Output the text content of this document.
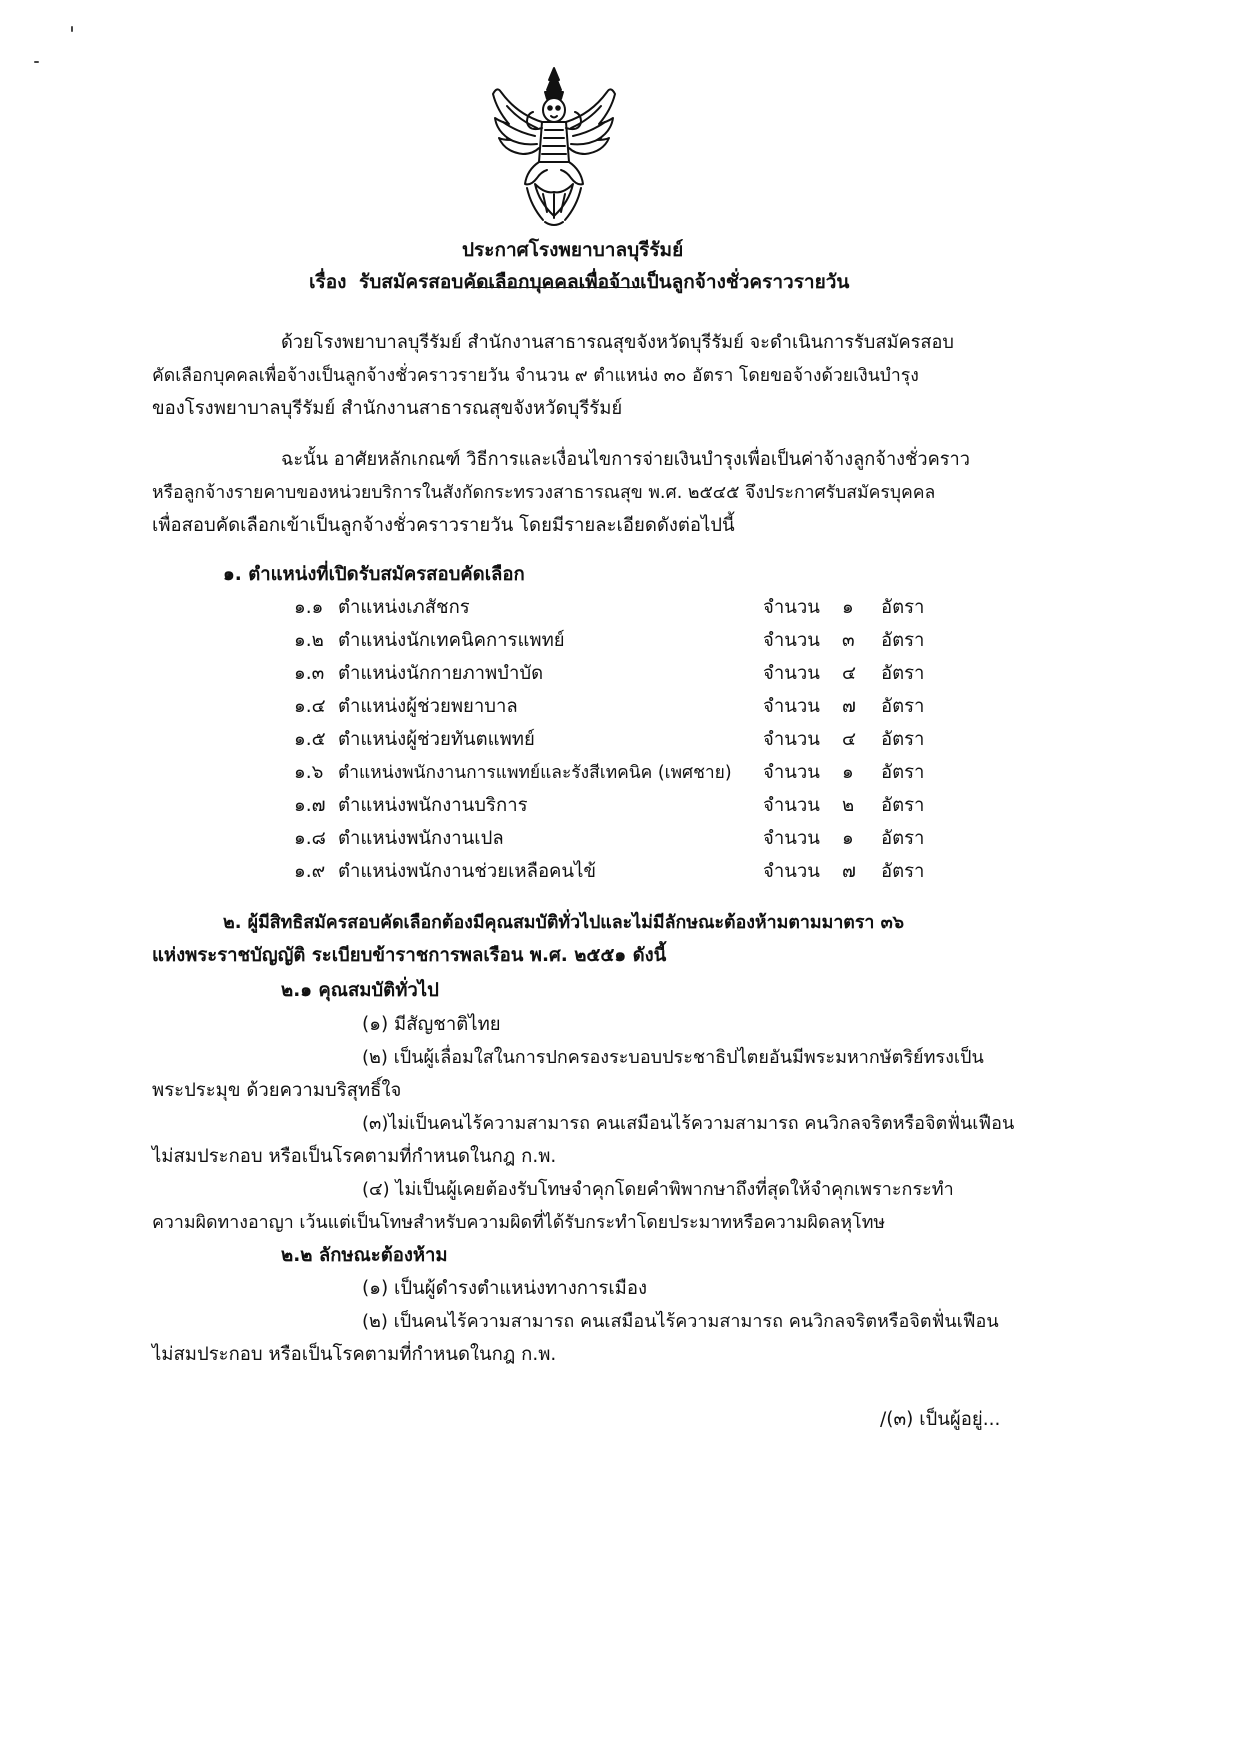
ประกาศโรงพยาบาลบุรีรัมย์
เรื่อง รับสมัครสอบคัดเลือกบุคคลเพื่อจ้างเป็นลูกจ้างชั่วคราวรายวัน
ด้วยโรงพยาบาลบุรีรัมย์ สำนักงานสาธารณสุขจังหวัดบุรีรัมย์ จะดำเนินการรับสมัครสอบ
คัดเลือกบุคคลเพื่อจ้างเป็นลูกจ้างชั่วคราวรายวัน จำนวน ๙ ตำแหน่ง ๓๐ อัตรา โดยขอจ้างด้วยเงินบำรุง
ของโรงพยาบาลบุรีรัมย์ สำนักงานสาธารณสุขจังหวัดบุรีรัมย์
ฉะนั้น อาศัยหลักเกณฑ์ วิธีการและเงื่อนไขการจ่ายเงินบำรุงเพื่อเป็นค่าจ้างลูกจ้างชั่วคราว
หรือลูกจ้างรายคาบของหน่วยบริการในสังกัดกระทรวงสาธารณสุข พ.ศ. ๒๕๔๕ จึงประกาศรับสมัครบุคคล
เพื่อสอบคัดเลือกเข้าเป็นลูกจ้างชั่วคราวรายวัน โดยมีรายละเอียดดังต่อไปนี้
๑. ตำแหน่งที่เปิดรับสมัครสอบคัดเลือก
๑.๑ ตำแหน่งเภสัชกร	จำนวน ๑ อัตรา
๑.๒ ตำแหน่งนักเทคนิคการแพทย์	จำนวน ๓ อัตรา
๑.๓ ตำแหน่งนักกายภาพบำบัด	จำนวน ๔ อัตรา
๑.๔ ตำแหน่งผู้ช่วยพยาบาล	จำนวน ๗ อัตรา
๑.๕ ตำแหน่งผู้ช่วยทันตแพทย์	จำนวน ๔ อัตรา
๑.๖ ตำแหน่งพนักงานการแพทย์และรังสีเทคนิค (เพศชาย) จำนวน ๑ อัตรา
๑.๗ ตำแหน่งพนักงานบริการ	จำนวน ๒ อัตรา
๑.๘ ตำแหน่งพนักงานเปล	จำนวน ๑ อัตรา
๑.๙ ตำแหน่งพนักงานช่วยเหลือคนไข้	จำนวน ๗ อัตรา
๒. ผู้มีสิทธิสมัครสอบคัดเลือกต้องมีคุณสมบัติทั่วไปและไม่มีลักษณะต้องห้ามตามมาตรา ๓๖
แห่งพระราชบัญญัติ ระเบียบข้าราชการพลเรือน พ.ศ. ๒๕๕๑ ดังนี้
๒.๑ คุณสมบัติทั่วไป
(๑) มีสัญชาติไทย
(๒) เป็นผู้เลื่อมใสในการปกครองระบอบประชาธิปไตยอันมีพระมหากษัตริย์ทรงเป็น
พระประมุข ด้วยความบริสุทธิ์ใจ
(๓)ไม่เป็นคนไร้ความสามารถ คนเสมือนไร้ความสามารถ คนวิกลจริตหรือจิตฟั่นเฟือน
ไม่สมประกอบ หรือเป็นโรคตามที่กำหนดในกฎ ก.พ.
(๔) ไม่เป็นผู้เคยต้องรับโทษจำคุกโดยคำพิพากษาถึงที่สุดให้จำคุกเพราะกระทำ
ความผิดทางอาญา เว้นแต่เป็นโทษสำหรับความผิดที่ได้รับกระทำโดยประมาทหรือความผิดลหุโทษ
๒.๒ ลักษณะต้องห้าม
(๑) เป็นผู้ดำรงตำแหน่งทางการเมือง
(๒) เป็นคนไร้ความสามารถ คนเสมือนไร้ความสามารถ คนวิกลจริตหรือจิตฟั่นเฟือน
ไม่สมประกอบ หรือเป็นโรคตามที่กำหนดในกฎ ก.พ.
/(๓) เป็นผู้อยู่...
